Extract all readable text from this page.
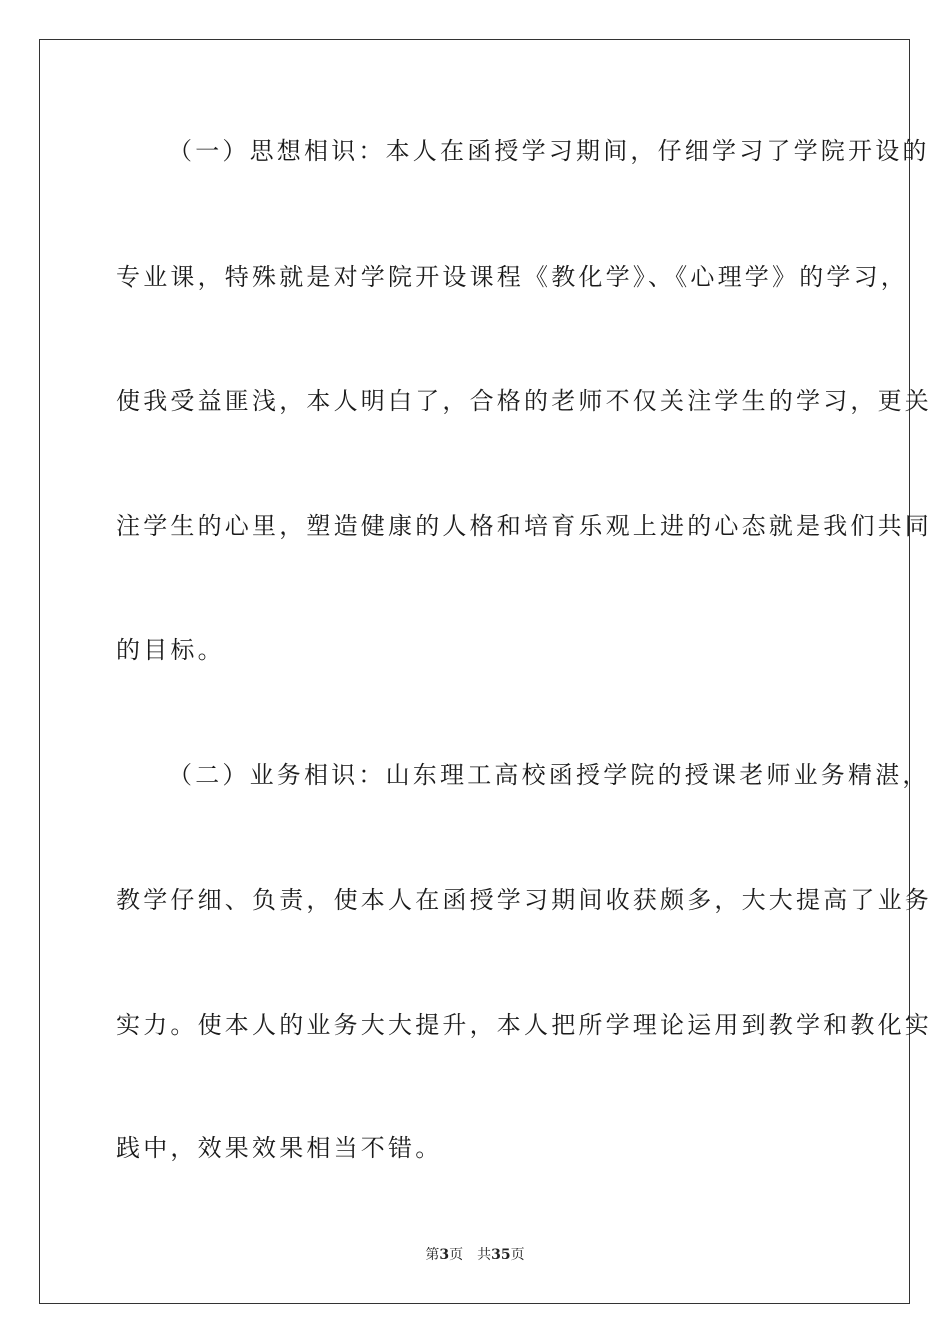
（一）思想相识：本人在函授学习期间，仔细学习了学院开设的
专业课，特殊就是对学院开设课程《教化学》、《心理学》的学习，
使我受益匪浅，本人明白了，合格的老师不仅关注学生的学习，更关
注学生的心里，塑造健康的人格和培育乐观上进的心态就是我们共同
的目标。
（二）业务相识：山东理工高校函授学院的授课老师业务精湛，
教学仔细、负责，使本人在函授学习期间收获颇多，大大提高了业务
实力。使本人的业务大大提升，本人把所学理论运用到教学和教化实
践中，效果效果相当不错。
第3页 共35页
